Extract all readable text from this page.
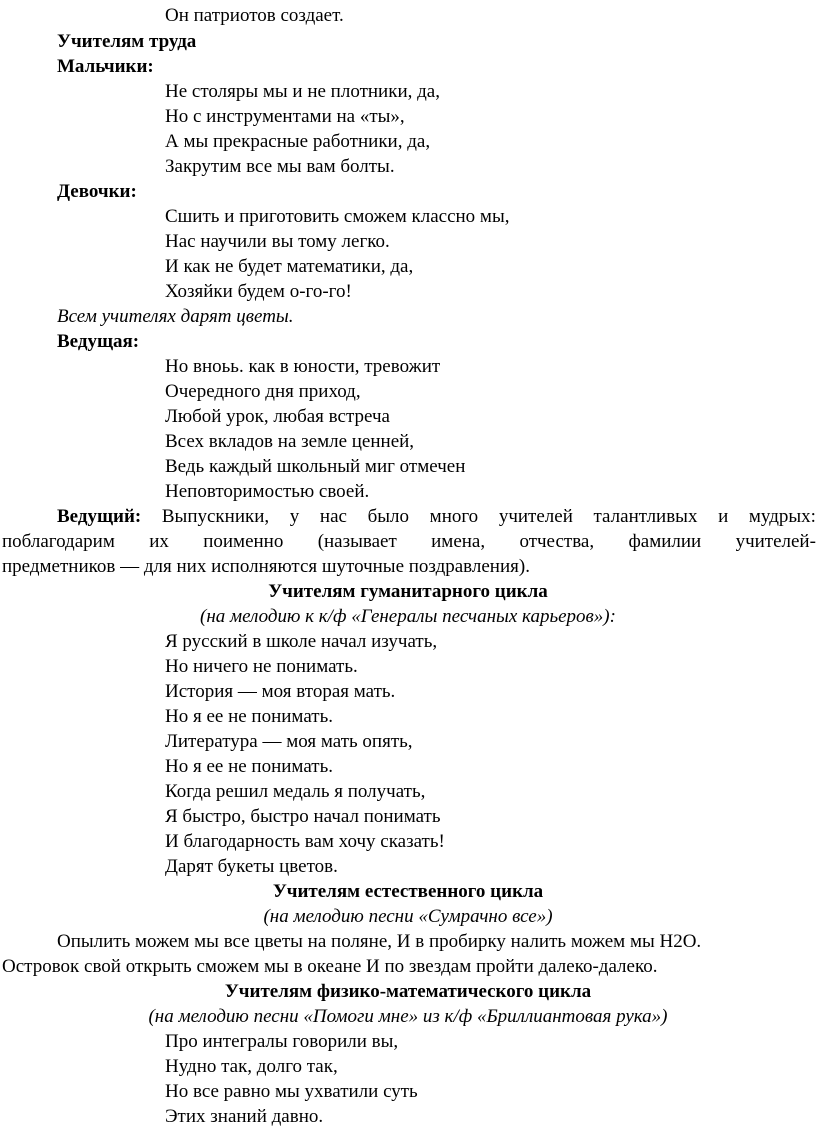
Он патриотов создает.
Учителям труда
Мальчики:
Не столяры мы и не плотники, да,
Но с инструментами на «ты»,
А мы прекрасные работники, да,
Закрутим все мы вам болты.
Девочки:
Сшить и приготовить сможем классно мы,
Нас научили вы тому легко.
И как не будет математики, да,
Хозяйки будем о-го-го!
Всем учителях дарят цветы.
Ведущая:
Но вноьь. как в юности, тревожит
Очередного дня приход,
Любой урок, любая встреча
Всех вкладов на земле ценней,
Ведь каждый школьный миг отмечен
Неповторимостью своей.
Ведущий: Выпускники, у нас было много учителей талантливых и мудрых:
поблагодарим их поименно (называет имена, отчества, фамилии учителей-
предметников — для них исполняются шуточные поздравления).
Учителям гуманитарного цикла
(на мелодию к к/ф «Генералы песчаных карьеров»):
Я русский в школе начал изучать,
Но ничего не понимать.
История — моя вторая мать.
Но я ее не понимать.
Литература — моя мать опять,
Но я ее не понимать.
Когда решил медаль я получать,
Я быстро, быстро начал понимать
И благодарность вам хочу сказать!
Дарят букеты цветов.
Учителям естественного цикла
(на мелодию песни «Сумрачно все»)
Опылить можем мы все цветы на поляне, И в пробирку налить можем мы H2O.
Островок свой открыть сможем мы в океане И по звездам пройти далеко-далеко.
Учителям физико-математического цикла
(на мелодию песни «Помоги мне» из к/ф «Бриллиантовая рука»)
Про интегралы говорили вы,
Нудно так, долго так,
Но все равно мы ухватили суть
Этих знаний давно.
